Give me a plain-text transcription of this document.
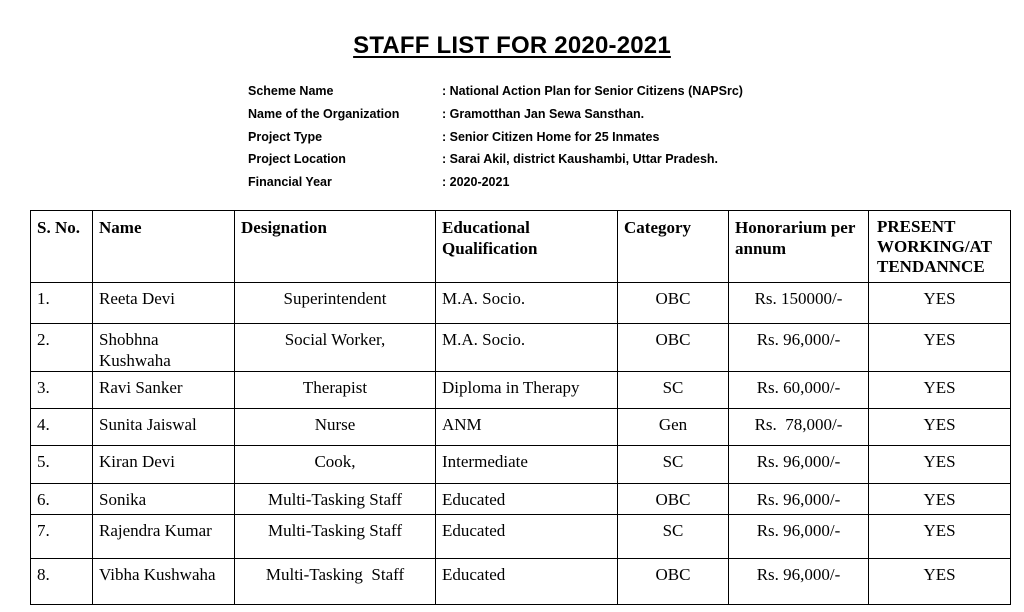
STAFF LIST FOR 2020-2021
Scheme Name	: National Action Plan for Senior Citizens (NAPSrc)
Name of the Organization	: Gramotthan Jan Sewa Sansthan.
Project Type	: Senior Citizen Home for 25 Inmates
Project Location	: Sarai Akil, district Kaushambi, Uttar Pradesh.
Financial Year	: 2020-2021
S. No.	Name	Designation	Educational Qualification	Category	Honorarium per annum	PRESENT WORKING/AT TENDANNCE
1.	Reeta Devi	Superintendent	M.A. Socio.	OBC	Rs. 150000/-	YES
2.	Shobhna Kushwaha	Social Worker,	M.A. Socio.	OBC	Rs. 96,000/-	YES
3.	Ravi Sanker	Therapist	Diploma in Therapy	SC	Rs. 60,000/-	YES
4.	Sunita Jaiswal	Nurse	ANM	Gen	Rs.  78,000/-	YES
5.	Kiran Devi	Cook,	Intermediate	SC	Rs. 96,000/-	YES
6.	Sonika	Multi-Tasking Staff	Educated	OBC	Rs. 96,000/-	YES
7.	Rajendra Kumar	Multi-Tasking Staff	Educated	SC	Rs. 96,000/-	YES
8.	Vibha Kushwaha	Multi-Tasking  Staff	Educated	OBC	Rs. 96,000/-	YES
